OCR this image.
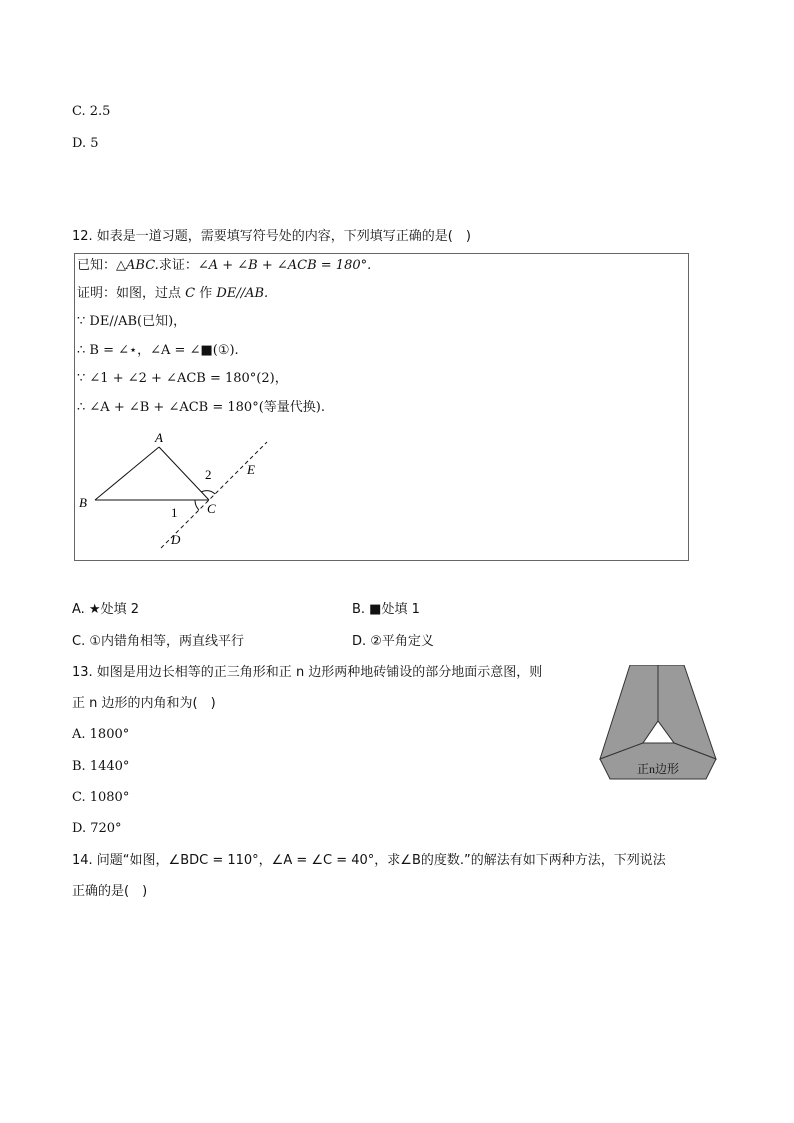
C. 2.5
D. 5
12. 如表是一道习题，需要填写符号处的内容，下列填写正确的是(　)
已知：△ABC.求证：∠A + ∠B + ∠ACB = 180°.
证明：如图，过点 C 作 DE//AB.
∵ DE//AB(已知)，
∴ B = ∠⋆，∠A = ∠■(①).
∵ ∠1 + ∠2 + ∠ACB = 180°(2)，
∴ ∠A + ∠B + ∠ACB = 180°(等量代换).
A
B	C
D
E
1
2
A. ★处填 2	B. ■处填 1
C. ①内错角相等，两直线平行	D. ②平角定义
13. 如图是用边长相等的正三角形和正 n 边形两种地砖铺设的部分地面示意图，则
正 n 边形的内角和为(　)
A. 1800°
B. 1440°
C. 1080°
D. 720°
正n边形
14. 问题“如图，∠BDC = 110°，∠A = ∠C = 40°，求∠B的度数.”的解法有如下两种方法，下列说法
正确的是(　)
